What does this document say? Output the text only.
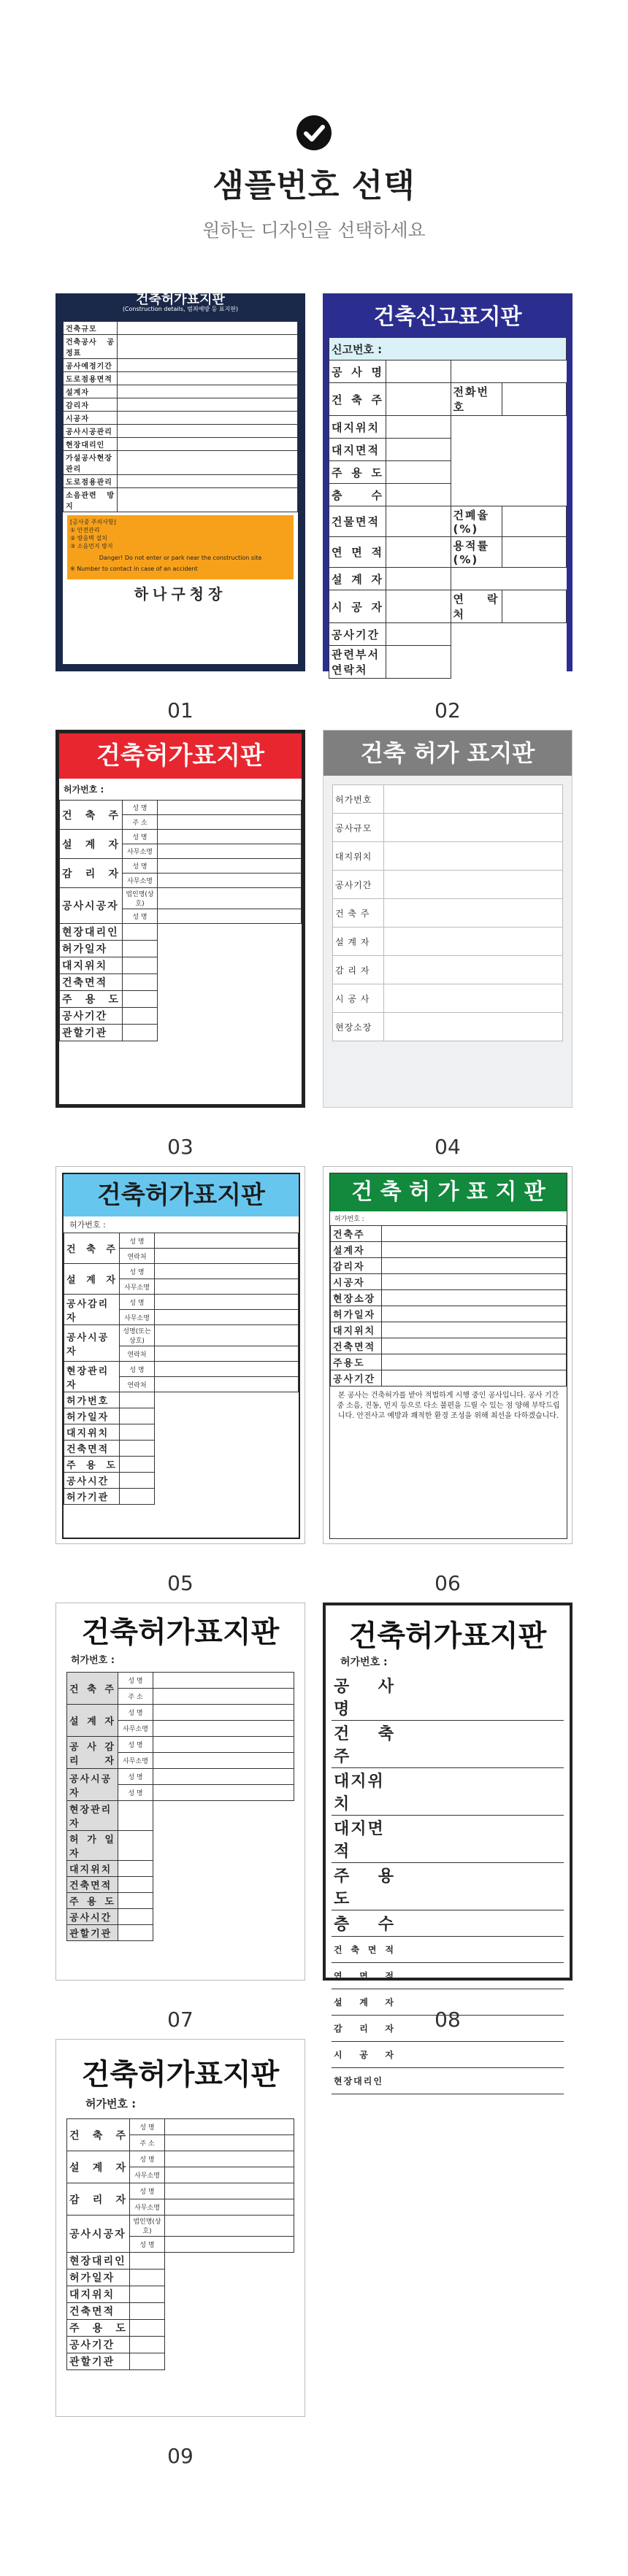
샘플번호 선택
원하는 디자인을 선택하세요
건축허가표지판
(Construction details, 범죄예방 등 표지판)
건축규모	
건축공사 공정표	
공사예정기간	
도로점용면적	
설계자	
감리자	
시공자	
공사시공관리	
현장대리인	
가설공사현장관리	
도로점용관리	
소음관련 방지	
[공사중 주의사항]
① 안전관리
② 방음벽 설치
③ 소음먼지 방지
Danger! Do not enter or park near the construction site
※ Number to contact in case of an accident
하나구청장
01
건축신고표지판
신고번호 :			
공 사 명			
건 축 주		전화번호	
대지위치			
대지면적			
주 용 도			
층 수			
건물면적		건폐율(%)	
연 면 적		용적률(%)	
설 계 자			
시 공 자		연 락 처	
공사기간			
관련부서 연락처			
20년월일
02
건축허가표지판
허가번호 :
건 축 주	성 명	
	주 소	
설 계 자	성 명	
	사무소명	
감 리 자	성 명	
	사무소명	
공사시공자	법인명(상호)	
	성 명	
현장대리인		
허가일자		
대지위치		
건축면적		
주 용 도		
공사기간		
관할기관		
03
건축 허가 표지판
허가번호	
공사규모	
대지위치	
공사기간	
건 축 주	
설 계 자	
감 리 자	
시 공 사	
현장소장	
04
건축허가표지판
허가번호 :
건 축 주	성 명	
	연락처	
설 계 자	성 명	
	사무소명	
공사감리자	성 명	
	사무소명	
공사시공자	성명(또는 상호)	
	연락처	
현장관리자	성 명	
	연락처	
허가번호		
허가일자		
대지위치		
건축면적		
주 용 도		
공사시간		
허가기관		
05
건 축 허 가 표 지 판
허가번호 :
건축주	
설계자	
감리자	
시공자	
현장소장	
허가일자	
대지위치	
건축면적	
주용도	
공사기간	
본 공사는 건축허가를 받아 적법하게 시행 중인 공사입니다. 공사 기간 중 소음, 진동, 먼지 등으로 다소 불편을 드릴 수 있는 점 양해 부탁드립니다. 안전사고 예방과 쾌적한 환경 조성을 위해 최선을 다하겠습니다.
06
건축허가표지판
허가번호 :
건 축 주	성 명	
	주 소	
설 계 자	성 명	
	사무소명	
공 사 감 리 자	성 명	
	사무소명	
공사시공자	성 명	
	성 명	
현장관리자		
허 가 일 자		
대지위치		
건축면적		
주 용 도		
공사시간		
관할기관		
07
건축허가표지판
허가번호 :
공 사 명	
건 축 주	
대지위치	
대지면적	
주 용 도	
층 수	
건 축 면 적	
연 면 적	
설 계 자	
감 리 자	
시 공 자	
현장대리인	
08
건축허가표지판
허가번호 :
건 축 주	성 명	
	주 소	
설 계 자	성 명	
	사무소명	
감 리 자	성 명	
	사무소명	
공사시공자	법인명(상호)	
	성 명	
현장대리인		
허가일자		
대지위치		
건축면적		
주 용 도		
공사기간		
관할기관		
09
